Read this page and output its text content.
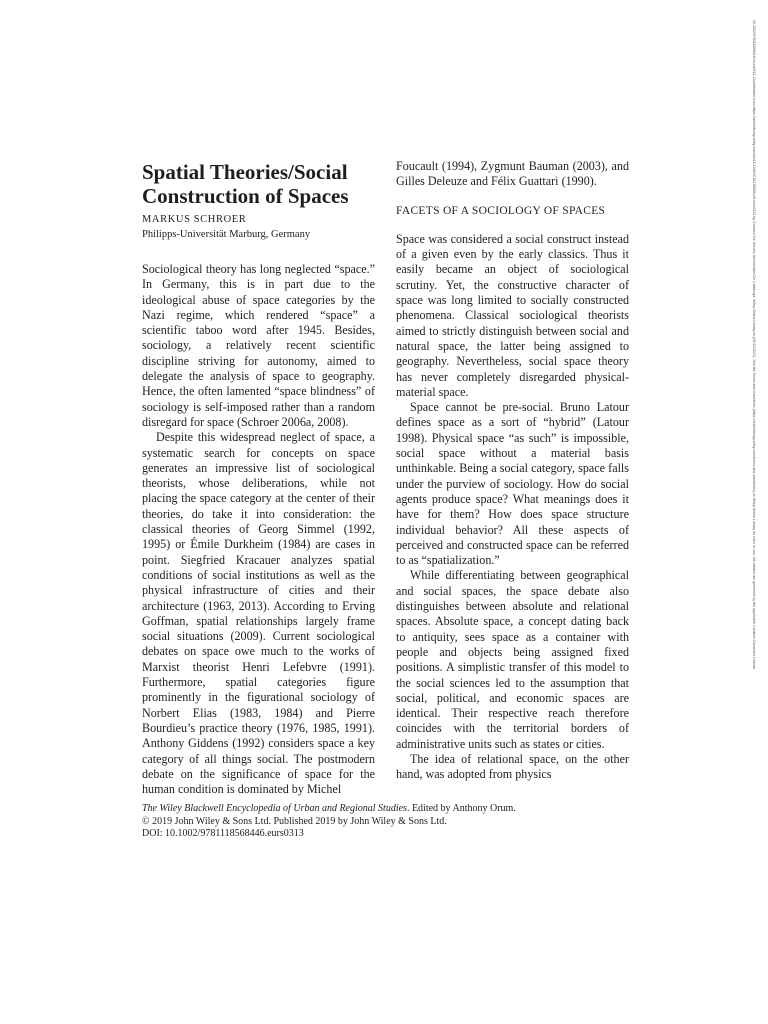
Spatial Theories/Social Construction of Spaces

MARKUS SCHROER

Philipps-Universität Marburg, Germany

Sociological theory has long neglected “space.” In Germany, this is in part due to the ideological abuse of space categories by the Nazi regime, which rendered “space” a scientific taboo word after 1945. Besides, sociology, a relatively recent scientific discipline striving for autonomy, aimed to delegate the analysis of space to geography. Hence, the often lamented “space blindness” of sociology is self-imposed rather than a random disregard for space (Schroer 2006a, 2008).

Despite this widespread neglect of space, a systematic search for concepts on space generates an impressive list of sociological theorists, whose deliberations, while not placing the space category at the center of their theories, do take it into consideration: the classical theories of Georg Simmel (1992, 1995) or Émile Durkheim (1984) are cases in point. Siegfried Kracauer analyzes spatial conditions of social institutions as well as the physical infrastructure of cities and their architecture (1963, 2013). According to Erving Goffman, spatial relationships largely frame social situations (2009). Current sociological debates on space owe much to the works of Marxist theorist Henri Lefebvre (1991). Furthermore, spatial categories figure prominently in the figurational sociology of Norbert Elias (1983, 1984) and Pierre Bourdieu’s practice theory (1976, 1985, 1991). Anthony Giddens (1992) considers space a key category of all things social. The postmodern debate on the significance of space for the human condition is dominated by Michel

Foucault (1994), Zygmunt Bauman (2003), and Gilles Deleuze and Félix Guattari (1990).

FACETS OF A SOCIOLOGY OF SPACES

Space was considered a social construct instead of a given even by the early classics. Thus it easily became an object of sociological scrutiny. Yet, the constructive character of space was long limited to socially constructed phenomena. Classical sociological theorists aimed to strictly distinguish between social and natural space, the latter being assigned to geography. Nevertheless, social space theory has never completely disregarded physical-material space.

Space cannot be pre-social. Bruno Latour defines space as a sort of “hybrid” (Latour 1998). Physical space “as such” is impossible, social space without a material basis unthinkable. Being a social category, space falls under the purview of sociology. How do social agents produce space? What meanings does it have for them? How does space structure individual behavior? All these aspects of perceived and constructed space can be referred to as “spatialization.”

While differentiating between geographical and social spaces, the space debate also distinguishes between absolute and relational spaces. Absolute space, a concept dating back to antiquity, sees space as a container with people and objects being assigned fixed positions. A simplistic transfer of this model to the social sciences led to the assumption that social, political, and economic spaces are identical. Their respective reach therefore coincides with the territorial borders of administrative units such as states or cities.

The idea of relational space, on the other hand, was adopted from physics

The Wiley Blackwell Encyclopedia of Urban and Regional Studies. Edited by Anthony Orum.

© 2019 John Wiley & Sons Ltd. Published 2019 by John Wiley & Sons Ltd.

DOI: 10.1002/9781118568446.eurs0313

10.1002/9781118568446.eurs0313. Downloaded from https://onlinelibrary.wiley.com/doi/10.1002/9781118568446.eurs0313 by Consorci De Serveis Universitaris De Catalunya, Wiley Online Library on [26/12/2022]. See the Terms and Conditions (https://onlinelibrary.wiley.com/terms-and-conditions) on Wiley Online Library for rules of use; OA articles are governed by the applicable Creative Commons License
